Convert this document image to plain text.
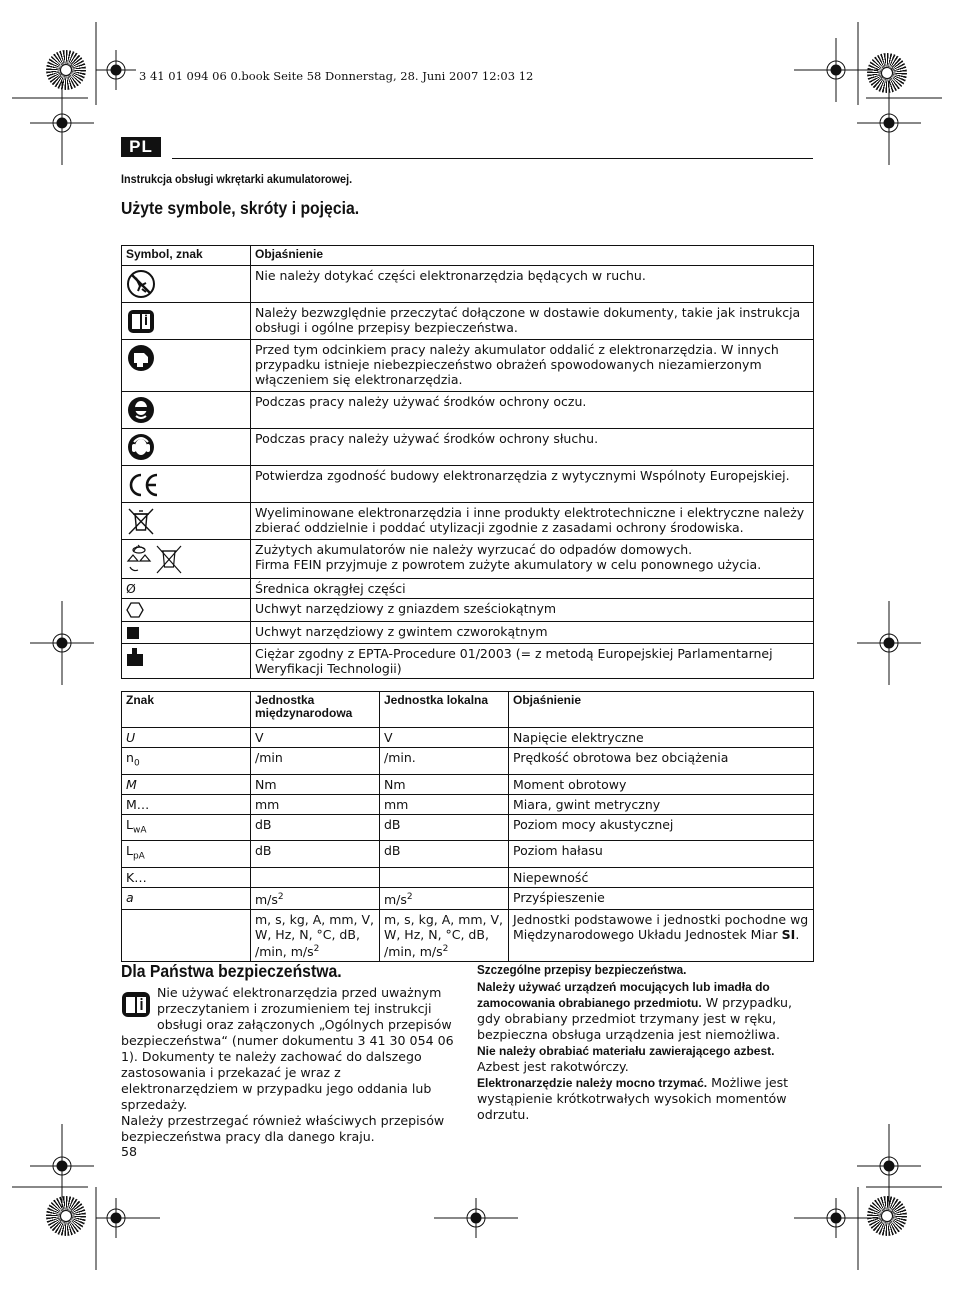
3 41 01 094 06 0.book Seite 58 Donnerstag, 28. Juni 2007 12:03 12
PL
Instrukcja obsługi wkrętarki akumulatorowej.
Użyte symbole, skróty i pojęcia.
Symbol, znak	Objaśnienie

	Nie należy dotykać części elektronarzędzia będących w ruchu.

	Należy bezwzględnie przeczytać dołączone w dostawie dokumenty, takie jak instrukcja obsługi i ogólne przepisy bezpieczeństwa.

	Przed tym odcinkiem pracy należy akumulator oddalić z elektronarzędzia. W innych przypadku istnieje niebezpieczeństwo obrażeń spowodowanych niezamierzonym włączeniem się elektronarzędzia.

	Podczas pracy należy używać środków ochrony oczu.

	Podczas pracy należy używać środków ochrony słuchu.

	Potwierdza zgodność budowy elektronarzędzia z wytycznymi Wspólnoty Europejskiej.

	Wyeliminowane elektronarzędzia i inne produkty elektrotechniczne i elektryczne należy zbierać oddzielnie i poddać utylizacji zgodnie z zasadami ochrony środowiska.

	Zużytych akumulatorów nie należy wyrzucać do odpadów domowych.
Firma FEIN przyjmuje z powrotem zużyte akumulatory w celu ponownego użycia.
Ø	Średnica okrągłej części

	Uchwyt narzędziowy z gniazdem sześciokątnym

	Uchwyt narzędziowy z gwintem czworokątnym

	Ciężar zgodny z EPTA-Procedure 01/2003 (= z metodą Europejskiej Parlamentarnej Weryfikacji Technologii)
Znak	Jednostka międzynarodowa	Jednostka lokalna	Objaśnienie
U	V	V	Napięcie elektryczne
$n_0$	/min	/min.	Prędkość obrotowa bez obciążenia
M	Nm	Nm	Moment obrotowy
M…	mm	mm	Miara, gwint metryczny
$L_{wA}$	dB	dB	Poziom mocy akustycznej
$L_{pA}$	dB	dB	Poziom hałasu
K…			Niepewność
a	$m/s^2$	$m/s^2$	Przyśpieszenie
	m, s, kg, A, mm, V, W, Hz, N, °C, dB, /min, $m/s^2$	m, s, kg, A, mm, V, W, Hz, N, °C, dB, /min, $m/s^2$	Jednostki podstawowe i jednostki pochodne wg Międzynarodowego Układu Jednostek Miar SI.
Dla Państwa bezpieczeństwa.
Nie używać elektronarzędzia przed uważnym przeczytaniem i zrozumieniem tej instrukcji obsługi oraz załączonych „Ogólnych przepisów bezpieczeństwa“ (numer dokumentu 3 41 30 054 06 1). Dokumenty te należy zachować do dalszego zastosowania i przekazać je wraz z elektronarzędziem w przypadku jego oddania lub sprzedaży.
Należy przestrzegać również właściwych przepisów bezpieczeństwa pracy dla danego kraju.
Szczególne przepisy bezpieczeństwa.
Należy używać urządzeń mocujących lub imadła do zamocowania obrabianego przedmiotu. W przypadku, gdy obrabiany przedmiot trzymany jest w ręku, bezpieczna obsługa urządzenia jest niemożliwa.
Nie należy obrabiać materiału zawierającego azbest.
Azbest jest rakotwórczy.
Elektronarzędzie należy mocno trzymać. Możliwe jest wystąpienie krótkotrwałych wysokich momentów odrzutu.
58
